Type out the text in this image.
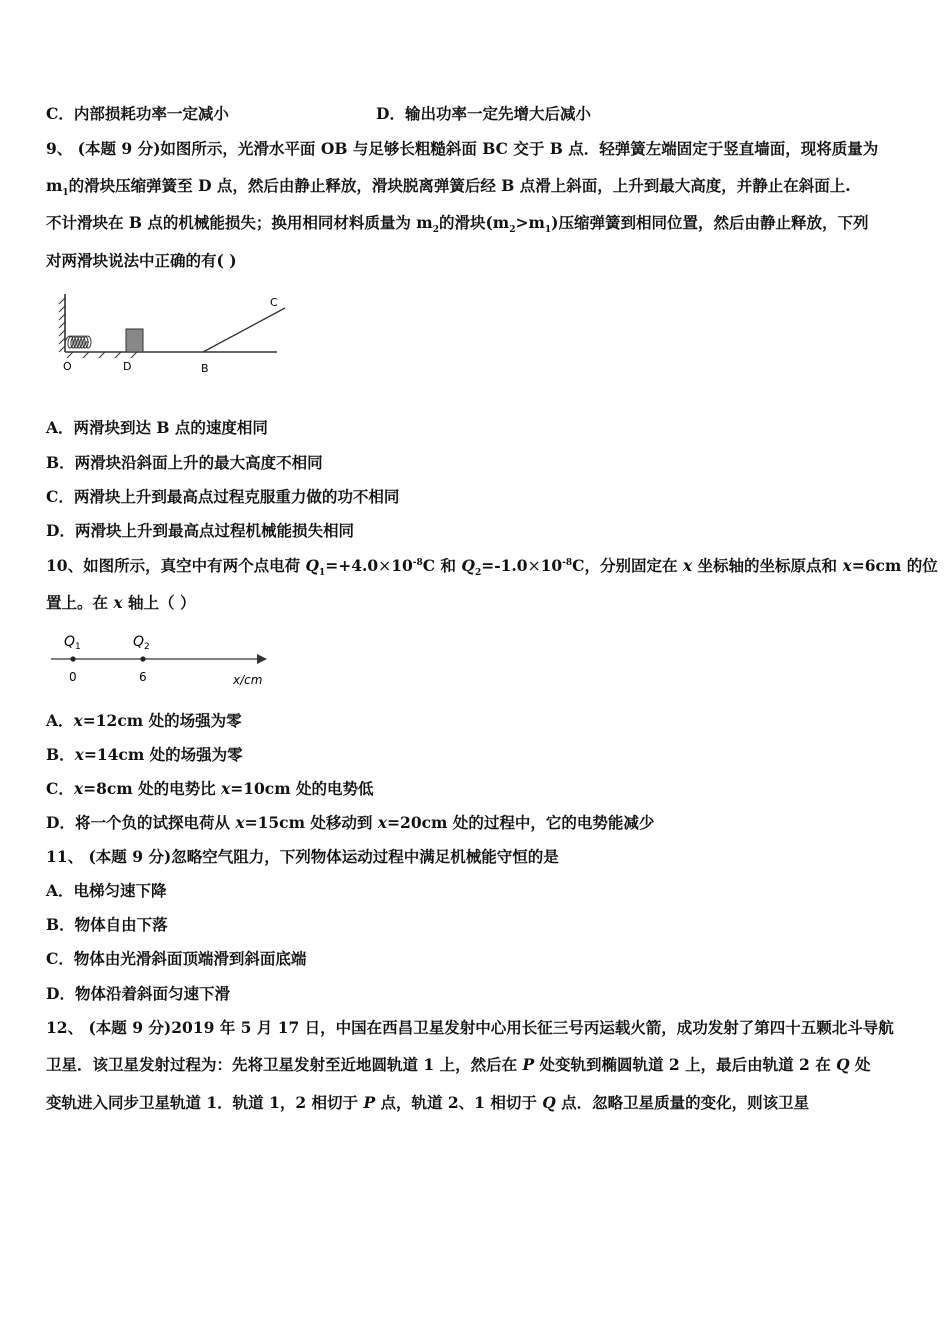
C．内部损耗功率一定减小	D．输出功率一定先增大后减小
9、 (本题 9 分)如图所示，光滑水平面 OB 与足够长粗糙斜面 BC 交于 B 点．轻弹簧左端固定于竖直墙面，现将质量为
$m_1$的滑块压缩弹簧至 D 点，然后由静止释放，滑块脱离弹簧后经 B 点滑上斜面，上升到最大高度，并静止在斜面上.
不计滑块在 B 点的机械能损失；换用相同材料质量为 $m_2$的滑块$(m_2>m_1)$压缩弹簧到相同位置，然后由静止释放，下列
对两滑块说法中正确的有( )
O	D	B
C
A．两滑块到达 B 点的速度相同
B．两滑块沿斜面上升的最大高度不相同
C．两滑块上升到最高点过程克服重力做的功不相同
D．两滑块上升到最高点过程机械能损失相同
10、如图所示，真空中有两个点电荷 $Q_1=+4.0\times 10^{-8}C$ 和 $Q_2=-1.0\times 10^{-8}C$，分别固定在 x 坐标轴的坐标原点和 x=6cm 的位
置上。在 x 轴上（ ）
$Q_1$	$Q_2$
0	6	x/cm
A．x=12cm 处的场强为零
B．x=14cm 处的场强为零
C．x=8cm 处的电势比 x=10cm 处的电势低
D．将一个负的试探电荷从 x=15cm 处移动到 x=20cm 处的过程中，它的电势能减少
11、 (本题 9 分)忽略空气阻力，下列物体运动过程中满足机械能守恒的是
A．电梯匀速下降
B．物体自由下落
C．物体由光滑斜面顶端滑到斜面底端
D．物体沿着斜面匀速下滑
12、 (本题 9 分)2019 年 5 月 17 日，中国在西昌卫星发射中心用长征三号丙运载火箭，成功发射了第四十五颗北斗导航
卫星．该卫星发射过程为：先将卫星发射至近地圆轨道 1 上，然后在 P 处变轨到椭圆轨道 2 上，最后由轨道 2 在 Q 处
变轨进入同步卫星轨道 1．轨道 1，2 相切于 P 点，轨道 2、1 相切于 Q 点．忽略卫星质量的变化，则该卫星
